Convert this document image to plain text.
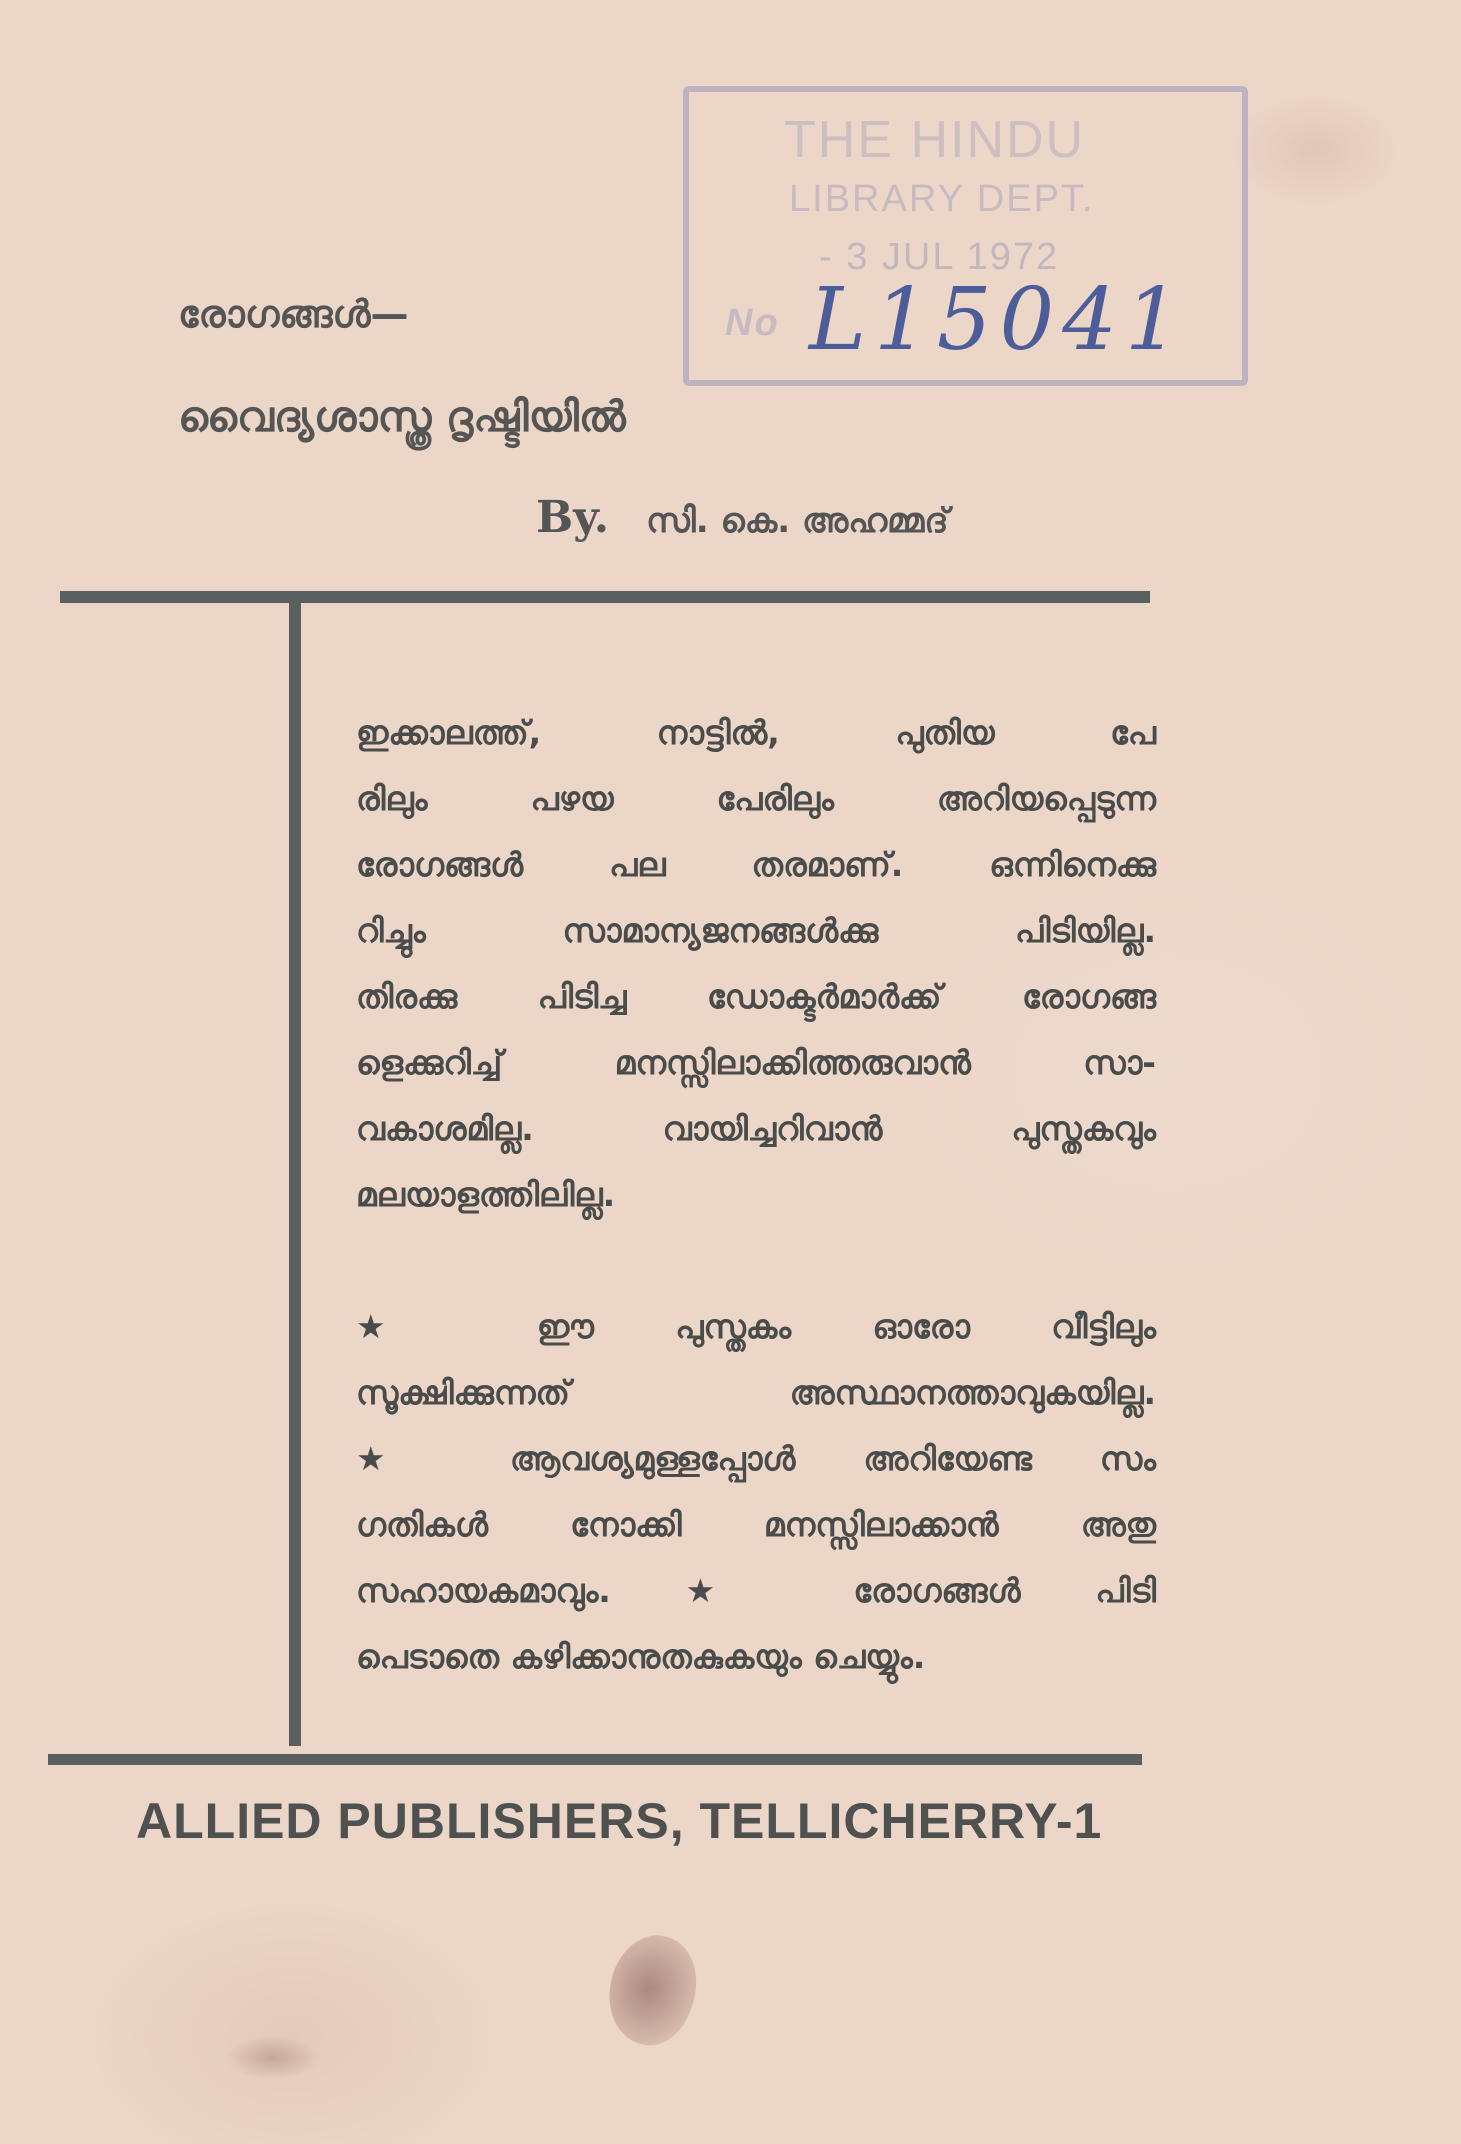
THE HINDU
LIBRARY DEPT.
- 3 JUL 1972
No L15041
രോഗങ്ങൾ—
വൈദ്യശാസ്ത്ര ദൃഷ്ടിയിൽ
By. സി. കെ. അഹമ്മദ്

ഇക്കാലത്ത്, നാട്ടിൽ, പുതിയ പേ
രിലും പഴയ പേരിലും അറിയപ്പെടുന്ന
രോഗങ്ങൾ പല തരമാണ്. ഒന്നിനെക്കു
റിച്ചും സാമാന്യജനങ്ങൾക്കു പിടിയില്ല.
തിരക്കു പിടിച്ച ഡോക്ടർമാർക്ക് രോഗങ്ങ
ളെക്കുറിച്ച് മനസ്സിലാക്കിത്തരുവാൻ സാ-
വകാശമില്ല. വായിച്ചറിവാൻ പുസ്തകവും
മലയാളത്തിലില്ല.

★ ഈ പുസ്തകം ഓരോ വീട്ടിലും
സൂക്ഷിക്കുന്നത് അസ്ഥാനത്താവുകയില്ല.
★ ആവശ്യമുള്ളപ്പോൾ അറിയേണ്ട സം
ഗതികൾ നോക്കി മനസ്സിലാക്കാൻ അതു
സഹായകമാവും. ★ രോഗങ്ങൾ പിടി
പെടാതെ കഴിക്കാനുതകുകയും ചെയ്യും.

ALLIED PUBLISHERS, TELLICHERRY-1
